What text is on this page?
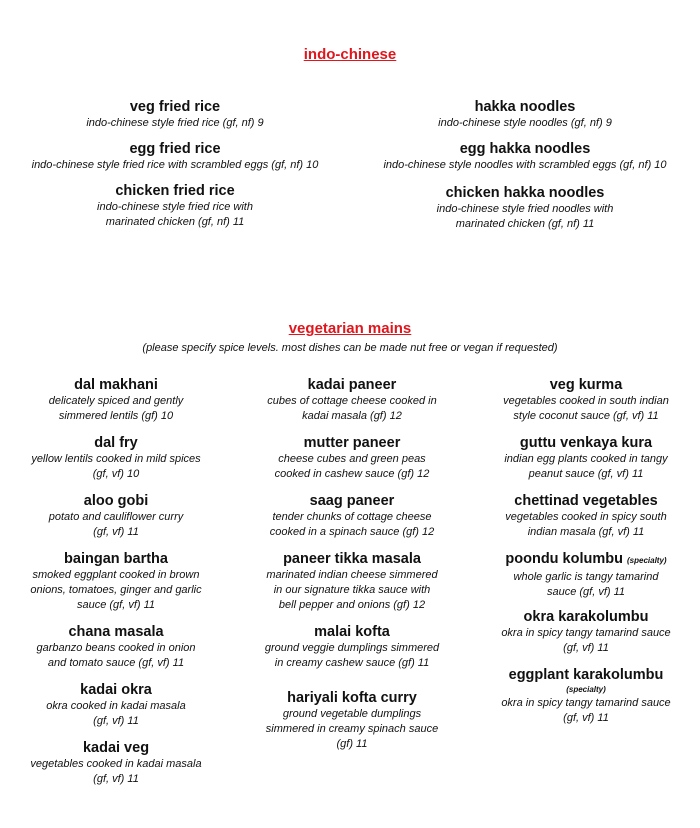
indo-chinese
veg fried rice
indo-chinese style fried rice (gf, nf) 9
egg fried rice
indo-chinese style fried rice with scrambled eggs (gf, nf) 10
chicken fried rice
indo-chinese style fried rice with
marinated chicken (gf, nf) 11
hakka noodles
indo-chinese style noodles (gf, nf) 9
egg hakka noodles
indo-chinese style noodles with scrambled eggs (gf, nf) 10
chicken hakka noodles
indo-chinese style fried noodles with
marinated chicken (gf, nf) 11
vegetarian mains
(please specify spice levels. most dishes can be made nut free or vegan if requested)
dal makhani
delicately spiced and gently
simmered lentils (gf) 10
dal fry
yellow lentils cooked in mild spices
(gf, vf) 10
aloo gobi
potato and cauliflower curry
(gf, vf) 11
baingan bartha
smoked eggplant cooked in brown
onions, tomatoes, ginger and garlic
sauce (gf, vf) 11
chana masala
garbanzo beans cooked in onion
and tomato sauce (gf, vf) 11
kadai okra
okra cooked in kadai masala
(gf, vf) 11
kadai veg
vegetables cooked in kadai masala
(gf, vf) 11
kadai paneer
cubes of cottage cheese cooked in
kadai masala (gf) 12
mutter paneer
cheese cubes and green peas
cooked in cashew sauce (gf) 12
saag paneer
tender chunks of cottage cheese
cooked in a spinach sauce (gf) 12
paneer tikka masala
marinated indian cheese simmered
in our signature tikka sauce with
bell pepper and onions (gf) 12
malai kofta
ground veggie dumplings simmered
in creamy cashew sauce (gf) 11
hariyali kofta curry
ground vegetable dumplings
simmered in creamy spinach sauce
(gf) 11
veg kurma
vegetables cooked in south indian
style coconut sauce (gf, vf) 11
guttu venkaya kura
indian egg plants cooked in tangy
peanut sauce (gf, vf) 11
chettinad vegetables
vegetables cooked in spicy south
indian masala (gf, vf) 11
poondu kolumbu (specialty)
whole garlic is tangy tamarind
sauce (gf, vf) 11
okra karakolumbu
okra in spicy tangy tamarind sauce
(gf, vf) 11
eggplant karakolumbu
(specialty)
okra in spicy tangy tamarind sauce
(gf, vf) 11
